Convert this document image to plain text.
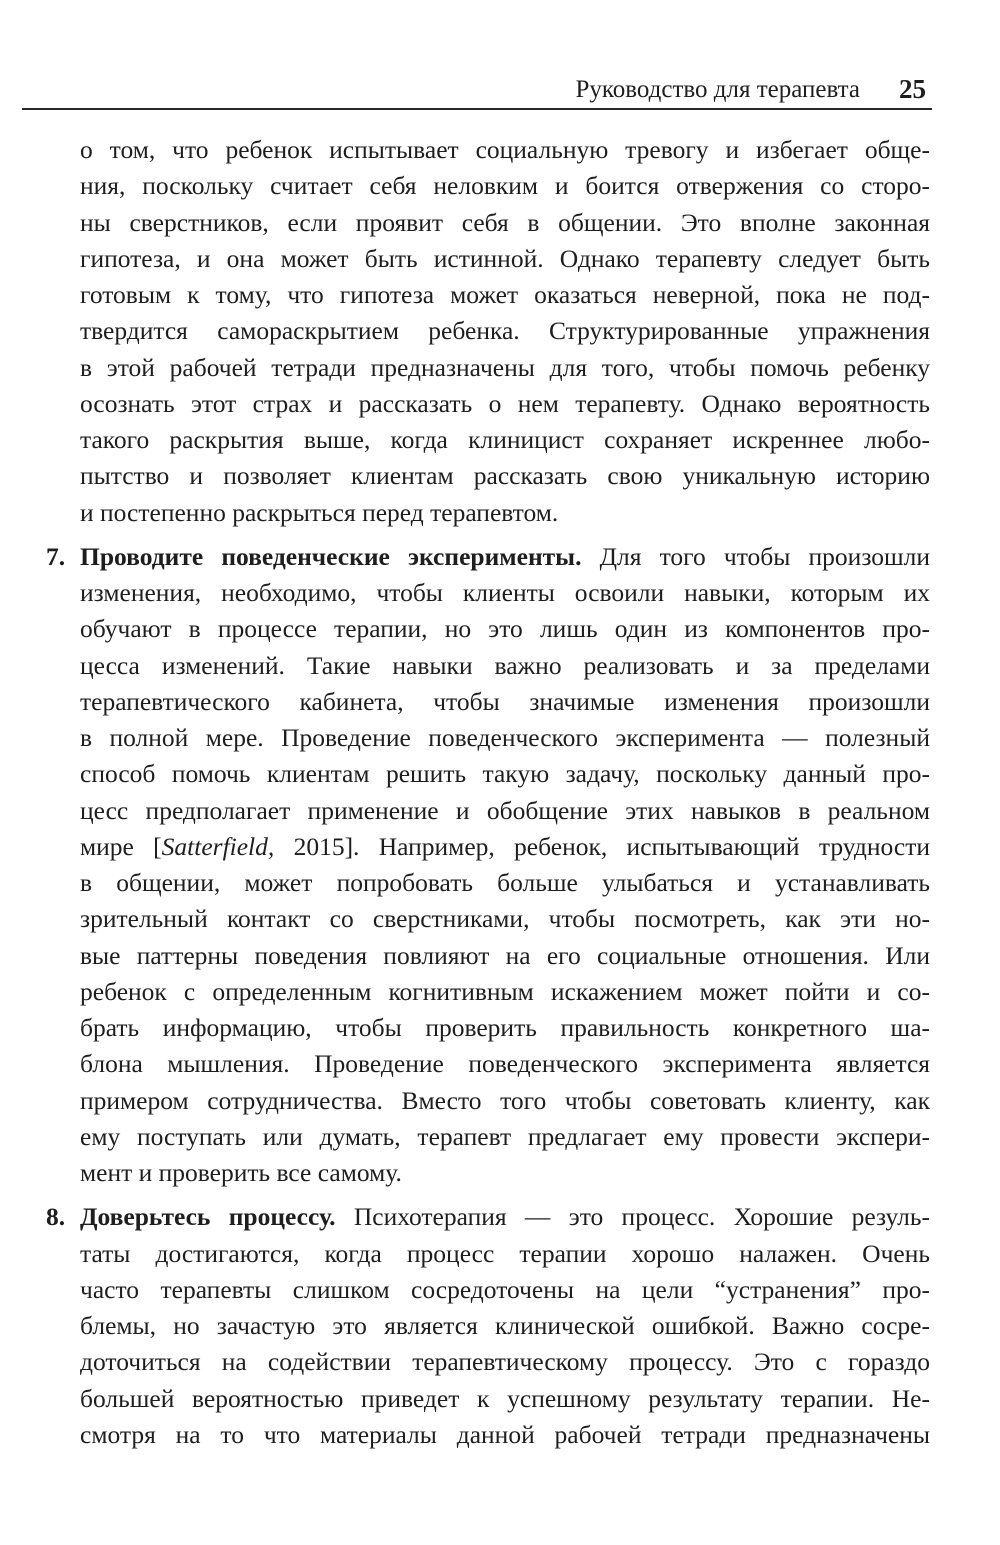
Руководство для терапевта 25
о том, что ребенок испытывает социальную тревогу и избегает обще-
ния, поскольку считает себя неловким и боится отвержения со сторо-
ны сверстников, если проявит себя в общении. Это вполне законная
гипотеза, и она может быть истинной. Однако терапевту следует быть
готовым к тому, что гипотеза может оказаться неверной, пока не под-
твердится самораскрытием ребенка. Структурированные упражнения
в этой рабочей тетради предназначены для того, чтобы помочь ребенку
осознать этот страх и рассказать о нем терапевту. Однако вероятность
такого раскрытия выше, когда клиницист сохраняет искреннее любо-
пытство и позволяет клиентам рассказать свою уникальную историю
и постепенно раскрыться перед терапевтом.
7. Проводите поведенческие эксперименты. Для того чтобы произошли
изменения, необходимо, чтобы клиенты освоили навыки, которым их
обучают в процессе терапии, но это лишь один из компонентов про-
цесса изменений. Такие навыки важно реализовать и за пределами
терапевтического кабинета, чтобы значимые изменения произошли
в полной мере. Проведение поведенческого эксперимента — полезный
способ помочь клиентам решить такую задачу, поскольку данный про-
цесс предполагает применение и обобщение этих навыков в реальном
мире [Satterfield, 2015]. Например, ребенок, испытывающий трудности
в общении, может попробовать больше улыбаться и устанавливать
зрительный контакт со сверстниками, чтобы посмотреть, как эти но-
вые паттерны поведения повлияют на его социальные отношения. Или
ребенок с определенным когнитивным искажением может пойти и со-
брать информацию, чтобы проверить правильность конкретного ша-
блона мышления. Проведение поведенческого эксперимента является
примером сотрудничества. Вместо того чтобы советовать клиенту, как
ему поступать или думать, терапевт предлагает ему провести экспери-
мент и проверить все самому.
8. Доверьтесь процессу. Психотерапия — это процесс. Хорошие резуль-
таты достигаются, когда процесс терапии хорошо налажен. Очень
часто терапевты слишком сосредоточены на цели “устранения” про-
блемы, но зачастую это является клинической ошибкой. Важно сосре-
доточиться на содействии терапевтическому процессу. Это с гораздо
большей вероятностью приведет к успешному результату терапии. Не-
смотря на то что материалы данной рабочей тетради предназначены
